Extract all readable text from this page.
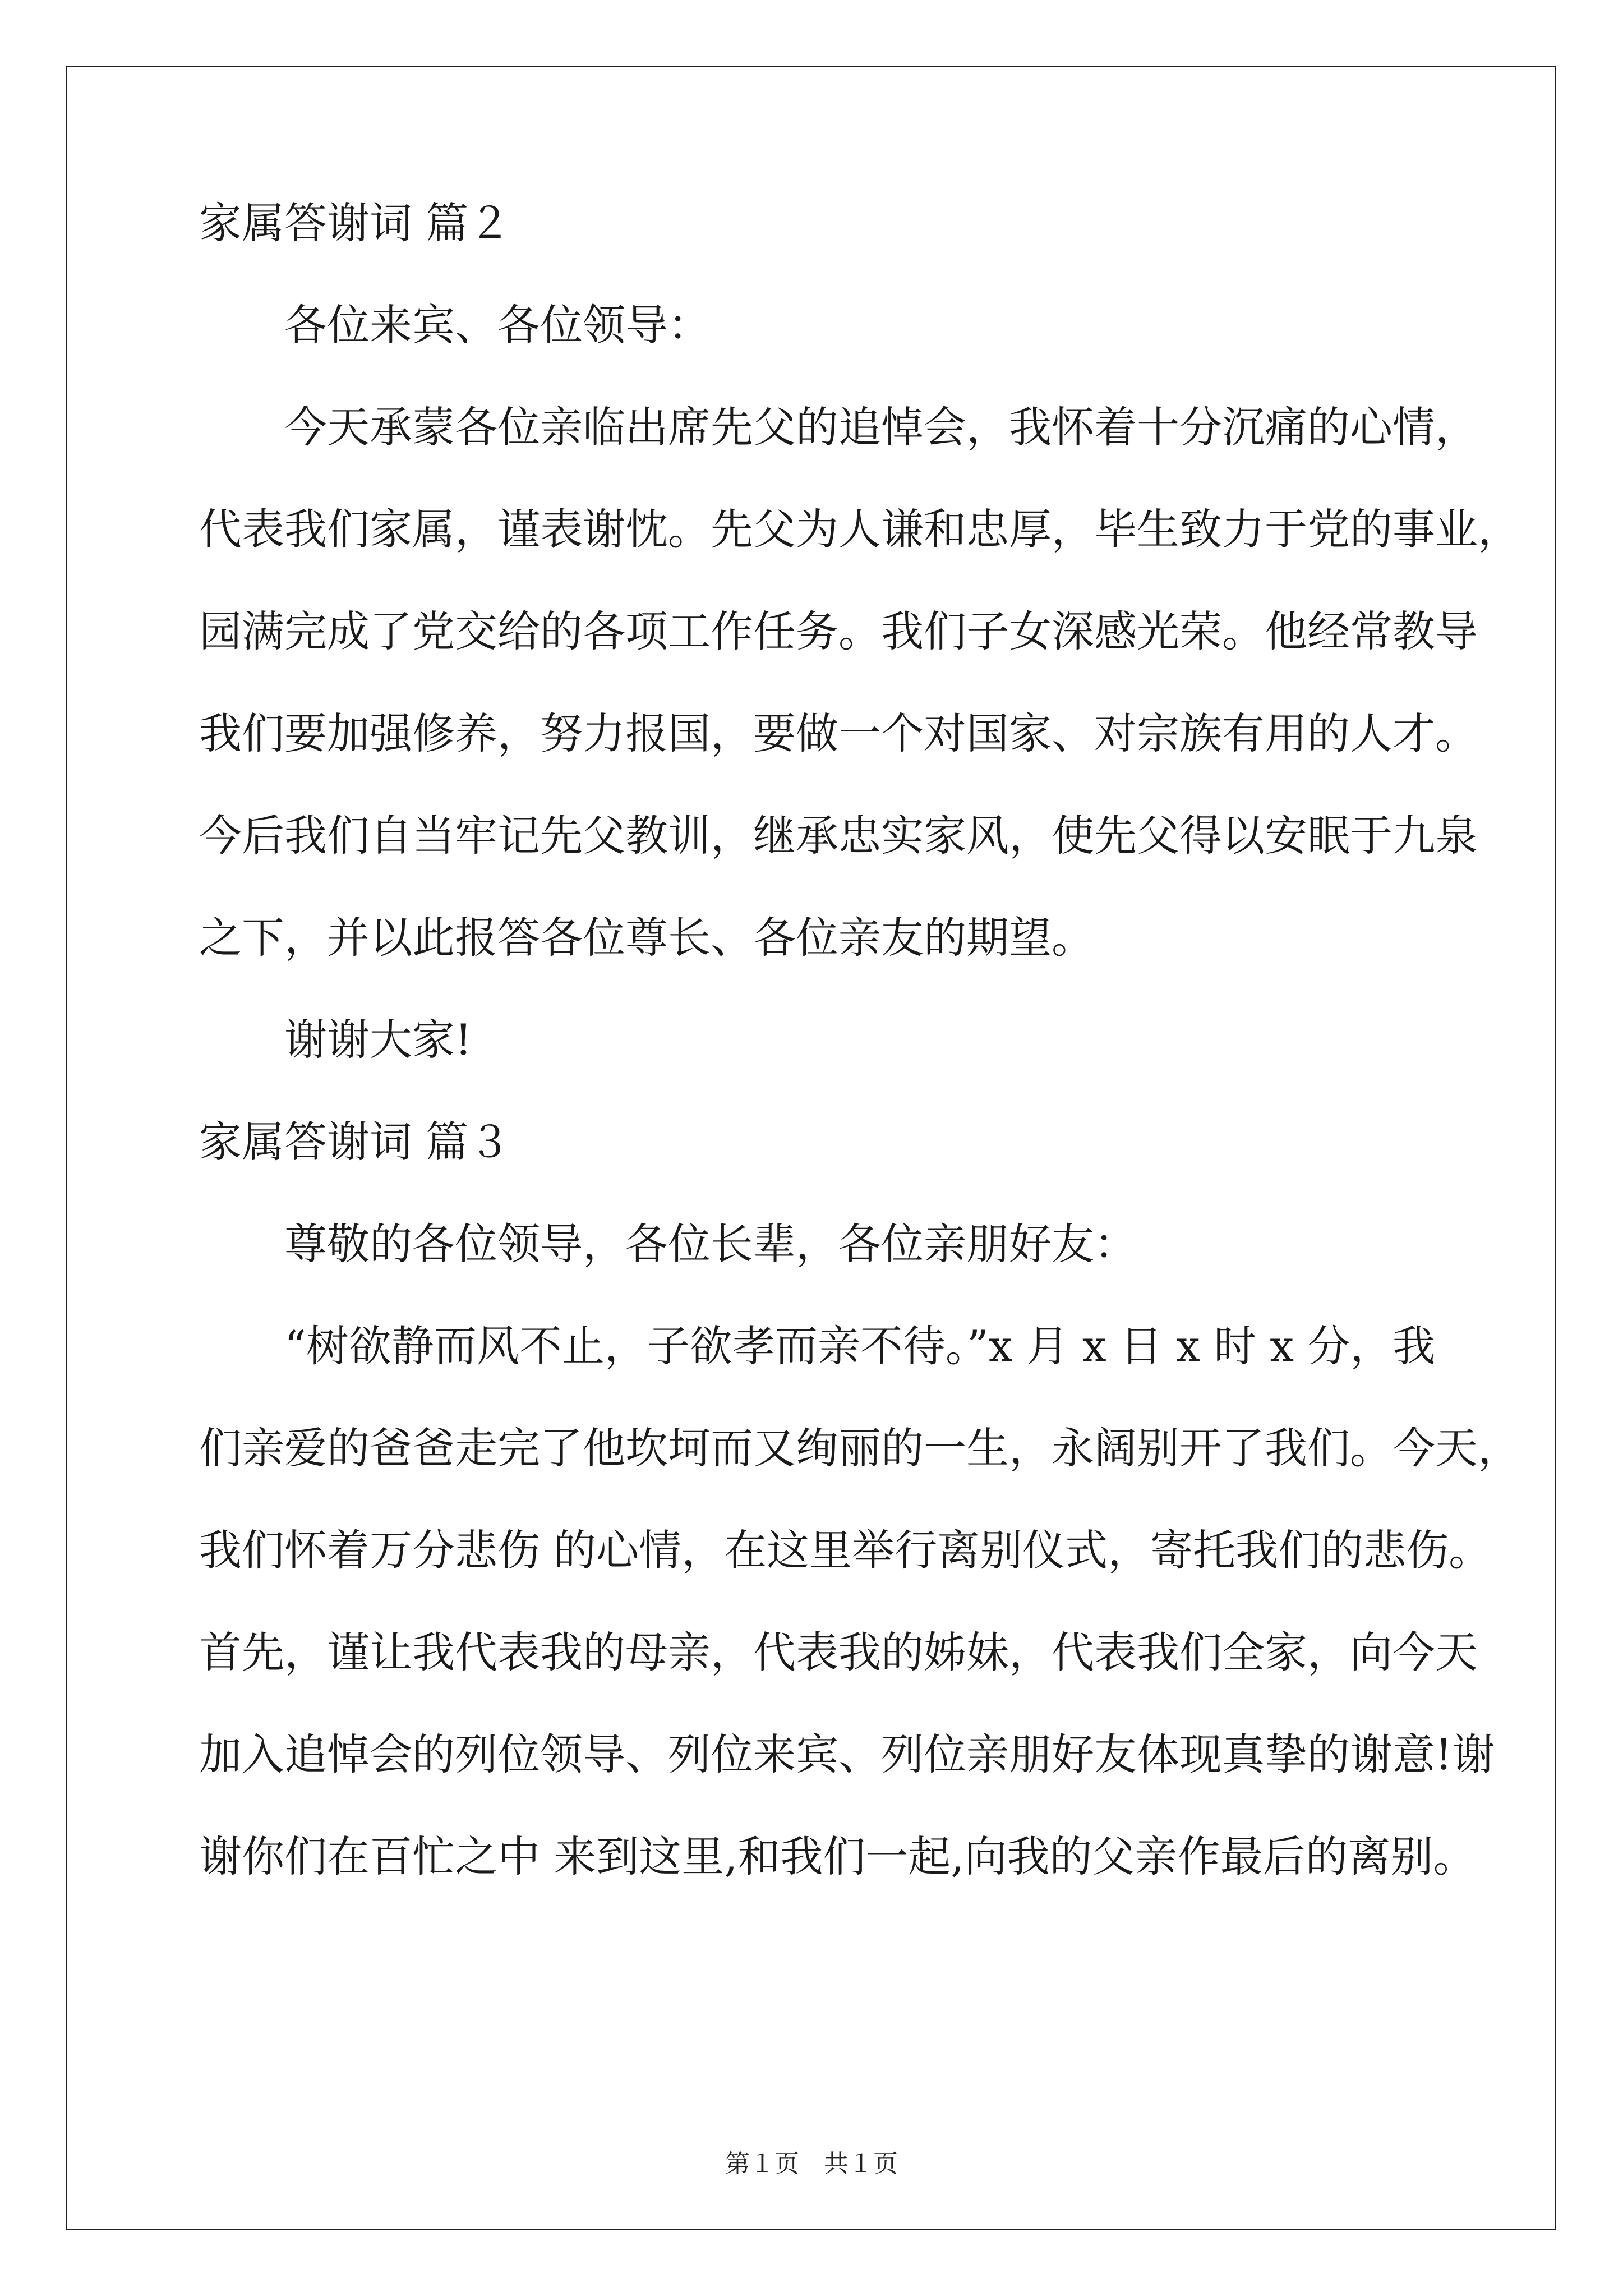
家属答谢词 篇２
各位来宾、各位领导：
今天承蒙各位亲临出席先父的追悼会，我怀着十分沉痛的心情，
代表我们家属，谨表谢忱。先父为人谦和忠厚，毕生致力于党的事业，
园满完成了党交给的各项工作任务。我们子女深感光荣。他经常教导
我们要加强修养，努力报国，要做一个对国家、对宗族有用的人才。
今后我们自当牢记先父教训，继承忠实家风，使先父得以安眠于九泉
之下，并以此报答各位尊长、各位亲友的期望。
谢谢大家!
家属答谢词 篇３
尊敬的各位领导，各位长辈，各位亲朋好友：
“树欲静而风不止，子欲孝而亲不待。”x 月 x 日 x 时 x 分，我
们亲爱的爸爸走完了他坎坷而又绚丽的一生，永阔别开了我们。今天，
我们怀着万分悲伤 的心情，在这里举行离别仪式，寄托我们的悲伤。
首先，谨让我代表我的母亲，代表我的姊妹，代表我们全家，向今天
加入追悼会的列位领导、列位来宾、列位亲朋好友体现真挚的谢意!谢
谢你们在百忙之中 来到这里,和我们一起,向我的父亲作最后的离别。
第１页　共１页
